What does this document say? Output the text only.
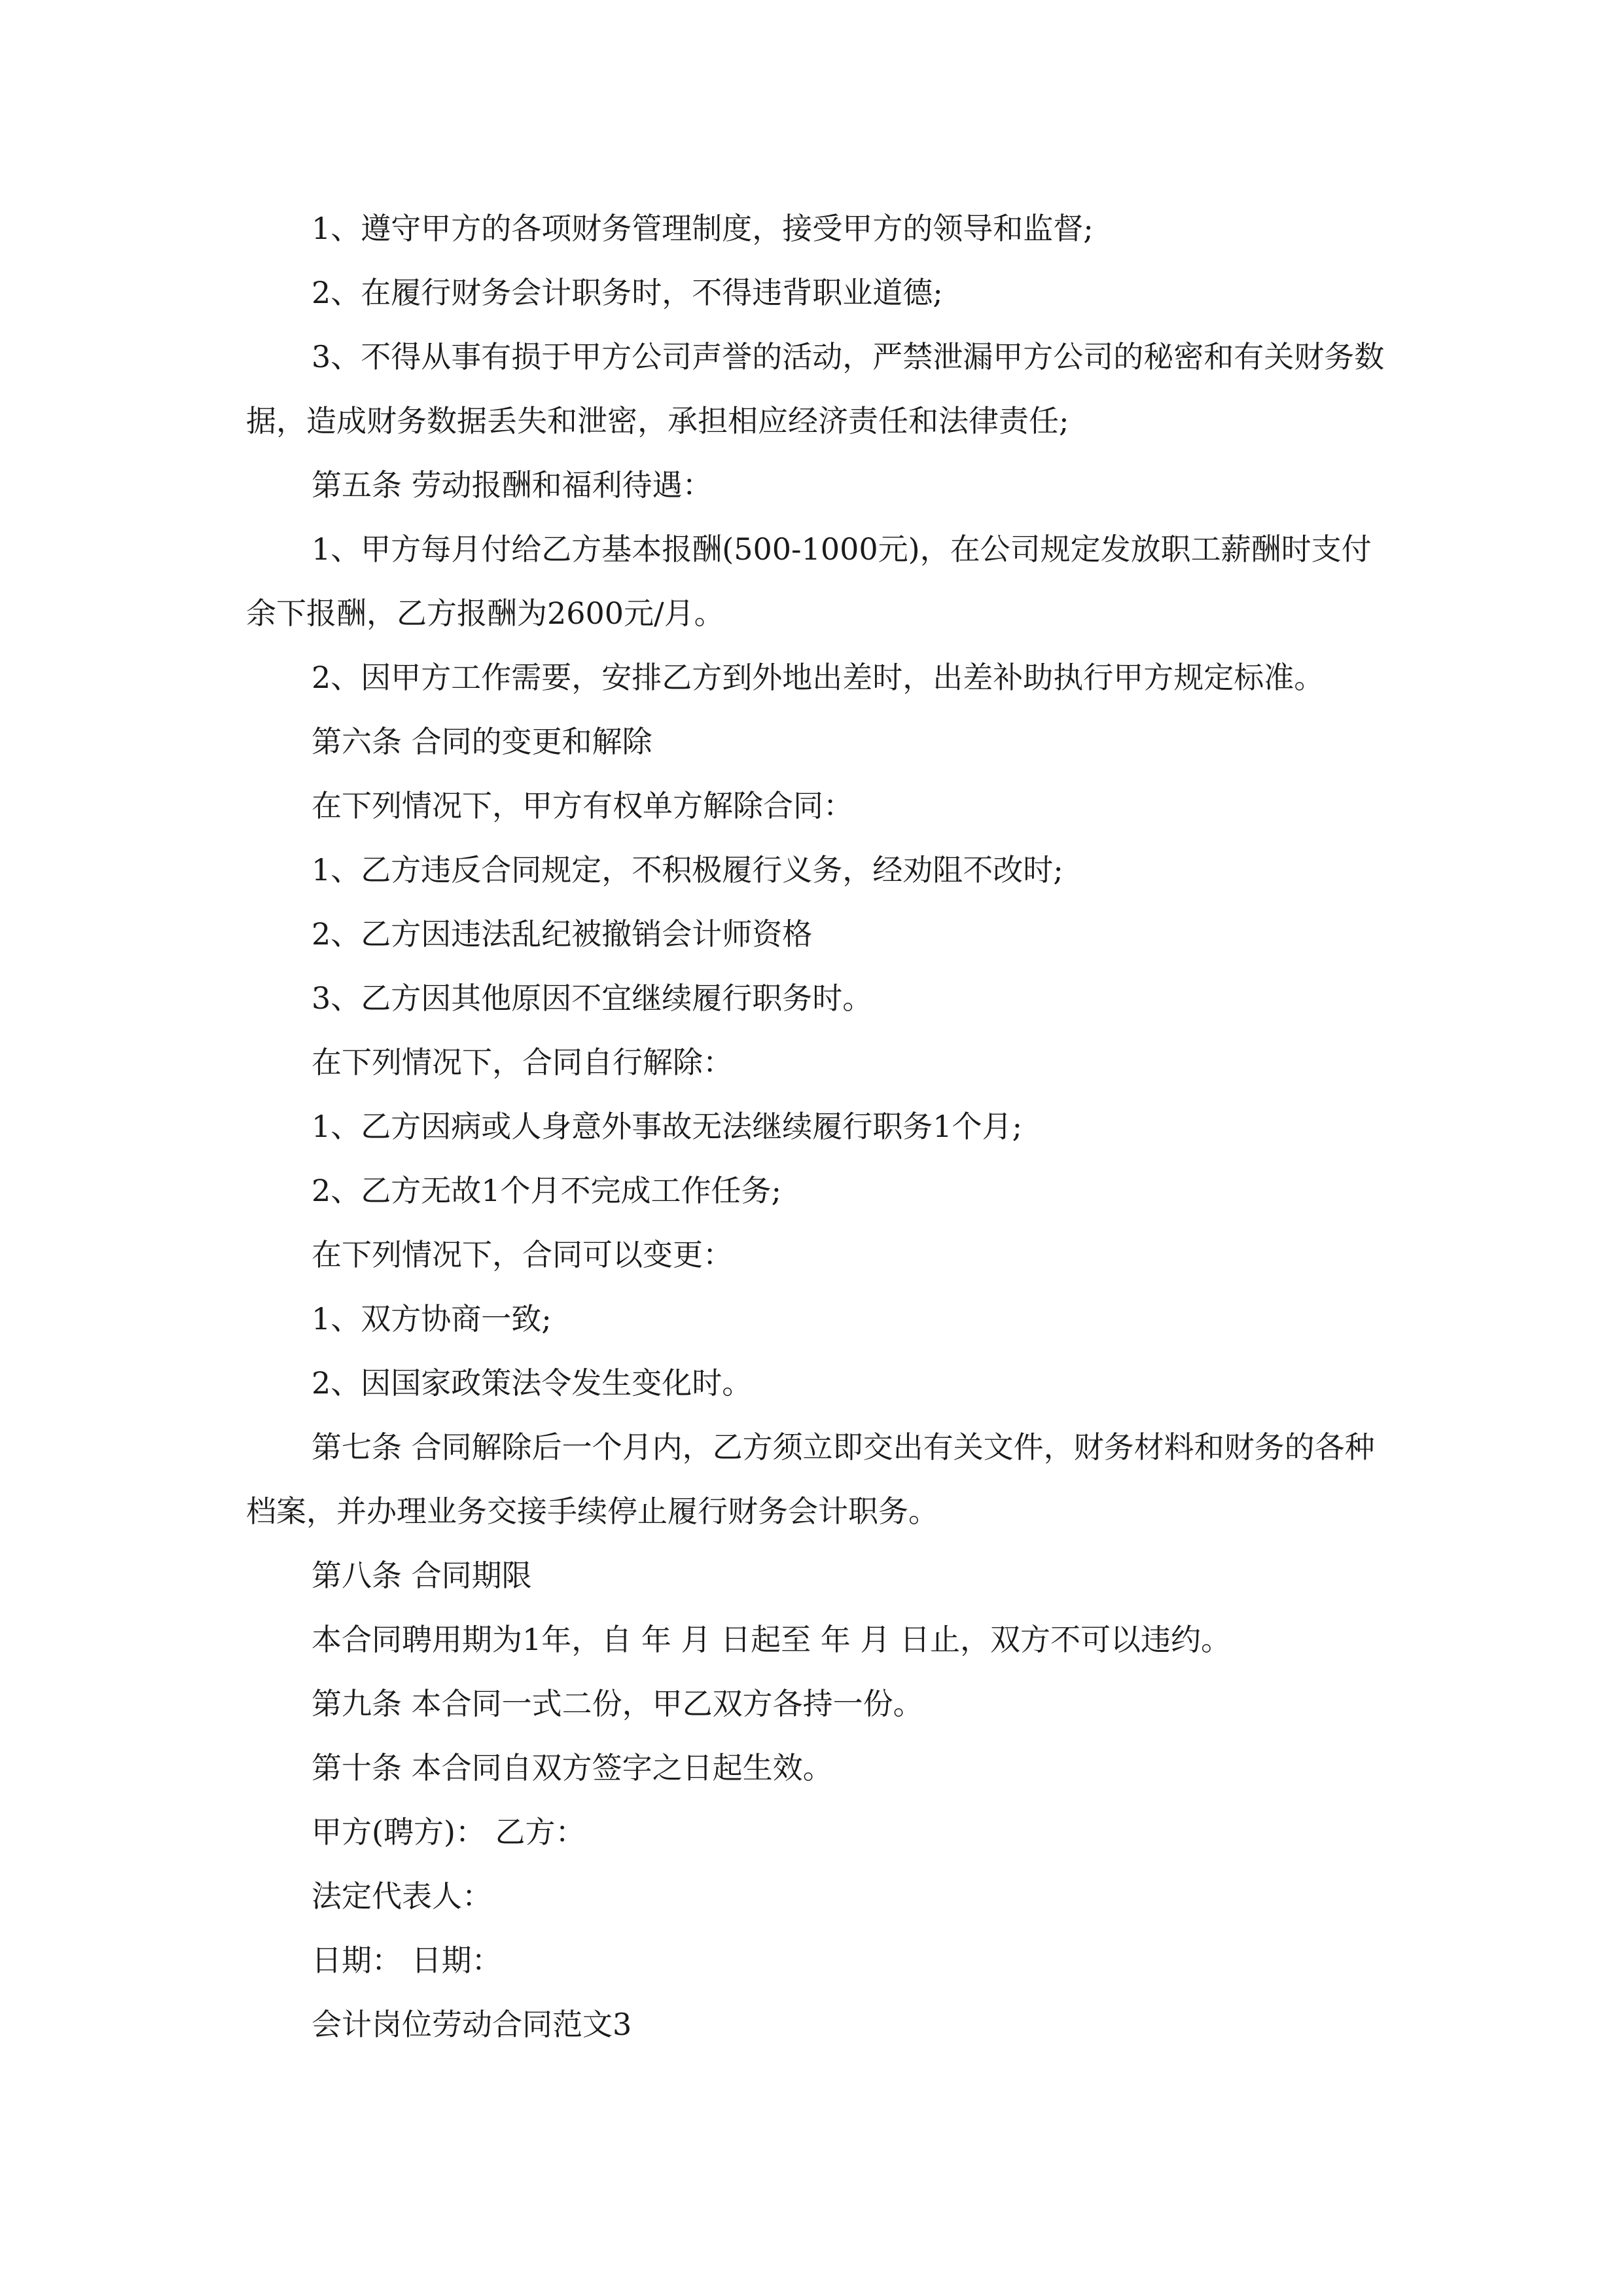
1、遵守甲方的各项财务管理制度，接受甲方的领导和监督;

2、在履行财务会计职务时，不得违背职业道德;

3、不得从事有损于甲方公司声誉的活动，严禁泄漏甲方公司的秘密和有关财务数据，造成财务数据丢失和泄密，承担相应经济责任和法律责任;

第五条 劳动报酬和福利待遇：

1、甲方每月付给乙方基本报酬(500-1000元)，在公司规定发放职工薪酬时支付余下报酬，乙方报酬为2600元/月。

2、因甲方工作需要，安排乙方到外地出差时，出差补助执行甲方规定标准。

第六条 合同的变更和解除

在下列情况下，甲方有权单方解除合同：

1、乙方违反合同规定，不积极履行义务，经劝阻不改时;

2、乙方因违法乱纪被撤销会计师资格

3、乙方因其他原因不宜继续履行职务时。

在下列情况下，合同自行解除：

1、乙方因病或人身意外事故无法继续履行职务1个月;

2、乙方无故1个月不完成工作任务;

在下列情况下，合同可以变更：

1、双方协商一致;

2、因国家政策法令发生变化时。

第七条 合同解除后一个月内，乙方须立即交出有关文件，财务材料和财务的各种档案，并办理业务交接手续停止履行财务会计职务。

第八条 合同期限

本合同聘用期为1年，自 年 月 日起至 年 月 日止，双方不可以违约。

第九条 本合同一式二份，甲乙双方各持一份。

第十条 本合同自双方签字之日起生效。

甲方(聘方)： 乙方：

法定代表人：

日期： 日期：

会计岗位劳动合同范文3
